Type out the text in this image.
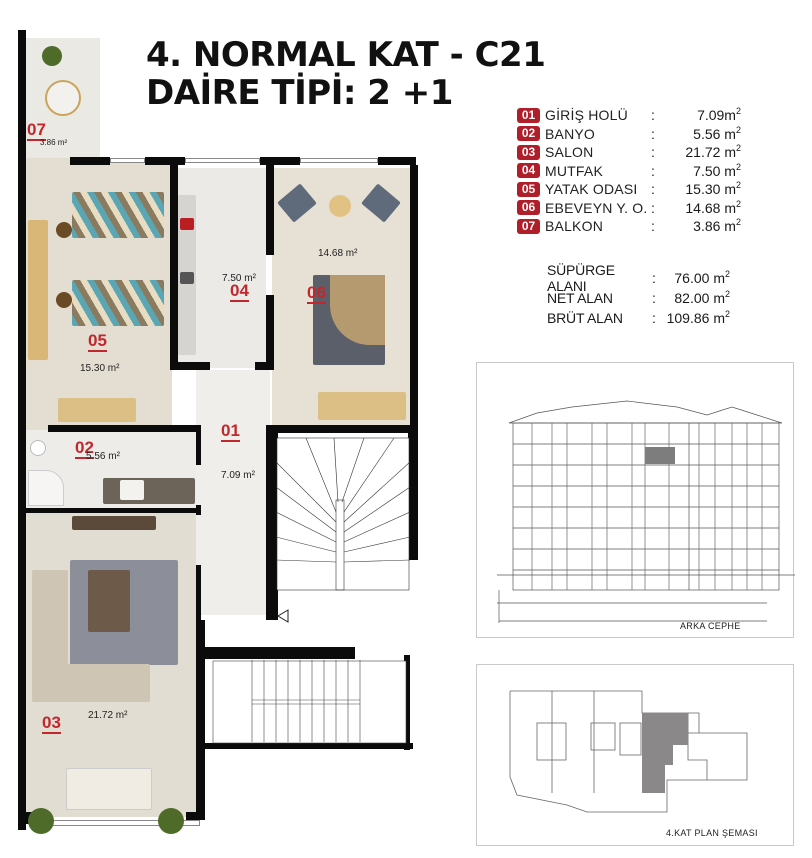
4. NORMAL KAT - C21
DAİRE TİPİ: 2 +1
01 GİRİŞ HOLÜ	:	$7.09m^2$
02 BANYO	:	5.56 $m^2$
03 SALON	:	21.72 $m^2$
04 MUTFAK	:	7.50 $m^2$
05 YATAK ODASI :	15.30 $m^2$
06 EBEVEYN Y. O. :	14.68 $m^2$
07 BALKON	:	3.86 $m^2$
SÜPÜRGE ALANI	:	76.00 $m^2$
NET ALAN	:	82.00 $m^2$
BRÜT ALAN	: 109.86 $m^2$
ARKA CEPHE
4.KAT PLAN ŞEMASI
07
3.86 m²
05
15.30 m²
04
7.50 m²
06
14.68 m²
01
7.09 m²
02
5.56 m²
03	21.72 m²
